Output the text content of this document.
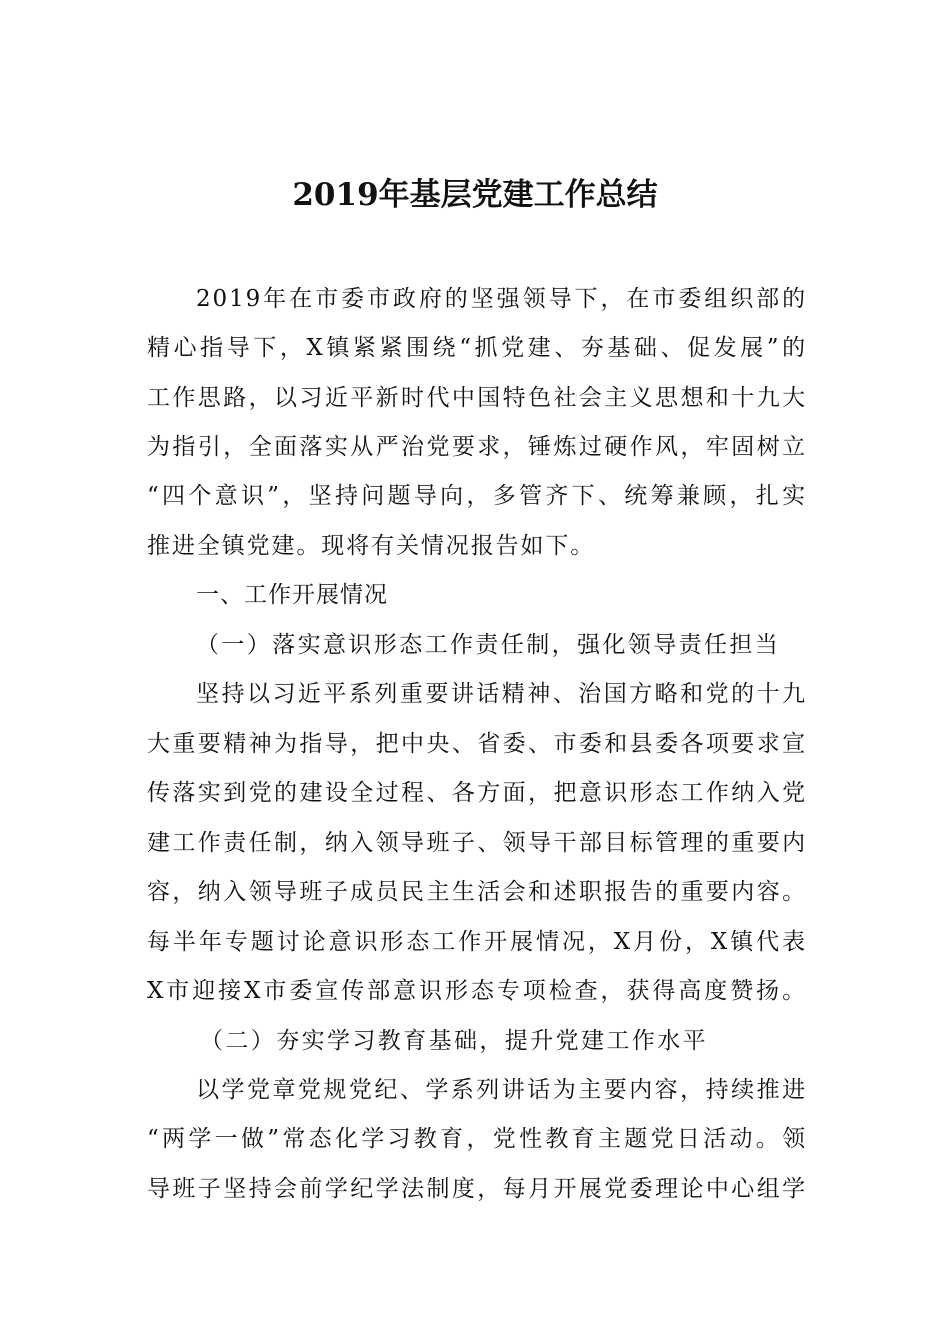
2019年基层党建工作总结
2019年在市委市政府的坚强领导下，在市委组织部的
精心指导下，X镇紧紧围绕“抓党建、夯基础、促发展”的
工作思路，以习近平新时代中国特色社会主义思想和十九大
为指引，全面落实从严治党要求，锤炼过硬作风，牢固树立
“四个意识”，坚持问题导向，多管齐下、统筹兼顾，扎实
推进全镇党建。现将有关情况报告如下。
一、工作开展情况
（一）落实意识形态工作责任制，强化领导责任担当
坚持以习近平系列重要讲话精神、治国方略和党的十九
大重要精神为指导，把中央、省委、市委和县委各项要求宣
传落实到党的建设全过程、各方面，把意识形态工作纳入党
建工作责任制，纳入领导班子、领导干部目标管理的重要内
容，纳入领导班子成员民主生活会和述职报告的重要内容。
每半年专题讨论意识形态工作开展情况，X月份，X镇代表
X市迎接X市委宣传部意识形态专项检查，获得高度赞扬。
（二）夯实学习教育基础，提升党建工作水平
以学党章党规党纪、学系列讲话为主要内容，持续推进
“两学一做”常态化学习教育，党性教育主题党日活动。领
导班子坚持会前学纪学法制度，每月开展党委理论中心组学
